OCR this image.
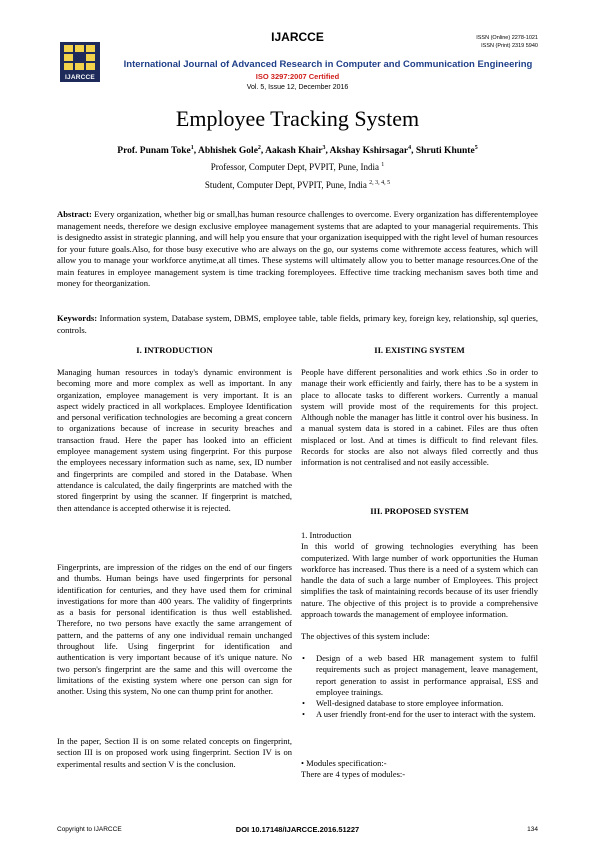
IJARCCE
IJARCCE	ISSN (Online) 2278-1021
ISSN (Print) 2319 5940
International Journal of Advanced Research in Computer and Communication Engineering
ISO 3297:2007 Certified
Vol. 5, Issue 12, December 2016
Employee Tracking System
Prof. Punam Toke$^1$, Abhishek Gole$^2$, Aakash Khair$^3$, Akshay Kshirsagar$^4$, Shruti Khunte$^5$
Professor, Computer Dept, PVPIT, Pune, India $^1$
Student, Computer Dept, PVPIT, Pune, India $^{2, 3, 4, 5}$
Abstract: Every organization, whether big or small,has human resource challenges to overcome. Every organization has differentemployee management needs, therefore we design exclusive employee management systems that are adapted to your managerial requirements. This is designedto assist in strategic planning, and will help you ensure that your organization isequipped with the right level of human resources for your future goals.Also, for those busy executive who are always on the go, our systems come withremote access features, which will allow you to manage your workforce anytime,at all times. These systems will ultimately allow you to better manage resources.One of the main features in employee management system is time tracking foremployees. Effective time tracking mechanism saves both time and money for theorganization.
Keywords: Information system, Database system, DBMS, employee table, table fields, primary key, foreign key, relationship, sql queries, controls.
I. INTRODUCTION	II. EXISTING SYSTEM
III. PROPOSED SYSTEM
Managing human resources in today's dynamic environment is becoming more and more complex as well as important. In any organization, employee management is very important. It is an aspect widely practiced in all workplaces. Employee Identification and personal verification technologies are becoming a great concern to organizations because of increase in security breaches and transaction fraud. Here the paper has looked into an efficient employee management system using fingerprint. For this purpose the employees necessary information such as name, sex, ID number and fingerprints are compiled and stored in the Database. When attendance is calculated, the daily fingerprints are matched with the stored fingerprint by using the scanner. If fingerprint is matched, then attendance is accepted otherwise it is rejected.
Fingerprints, are impression of the ridges on the end of our fingers and thumbs. Human beings have used fingerprints for personal identification for centuries, and they have used them for criminal investigations for more than 400 years. The validity of fingerprints as a basis for personal identification is thus well established. Therefore, no two persons have exactly the same arrangement of pattern, and the patterns of any one individual remain unchanged throughout life. Using fingerprint for identification and authentication is very important because of it's unique nature. No two person's fingerprint are the same and this will overcome the limitations of the existing system where one person can sign for another. Using this system, No one can thump print for another.
In the paper, Section II is on some related concepts on fingerprint, section III is on proposed work using fingerprint. Section IV is on experimental results and section V is the conclusion.
People have different personalities and work ethics .So in order to manage their work efficiently and fairly, there has to be a system in place to allocate tasks to different workers. Currently a manual system will provide most of the requirements for this project. Although noble the manager has little it control over his business. In a manual system data is stored in a cabinet. Files are thus often misplaced or lost. And at times is difficult to find relevant files. Records for stocks are also not always filed correctly and thus information is not centralised and not easily accessible.

1. Introduction

In this world of growing technologies everything has been computerized. With large number of work opportunities the Human workforce has increased. Thus there is a need of a system which can handle the data of such a large number of Employees. This project simplifies the task of maintaining records because of its user friendly nature. The objective of this project is to provide a comprehensive approach towards the management of employee information.

The objectives of this system include:

• Design of a web based HR management system to fulfil requirements such as project management, leave management, report generation to assist in performance appraisal, ESS and employee trainings.
• Well-designed database to store employee information.
• A user friendly front-end for the user to interact with the system.

• Modules specification:-

There are 4 types of modules:-

Copyright to IJARCCE	DOI 10.17148/IJARCCE.2016.51227	134
